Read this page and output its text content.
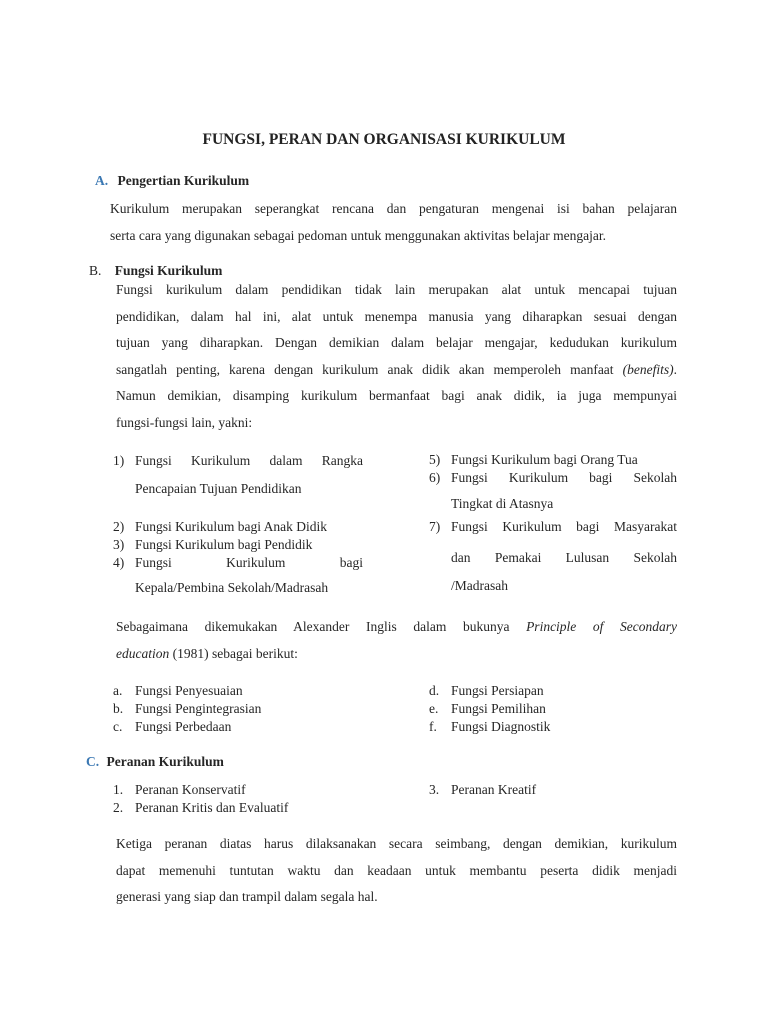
FUNGSI, PERAN DAN ORGANISASI KURIKULUM
A. Pengertian Kurikulum

Kurikulum merupakan seperangkat rencana dan pengaturan mengenai isi bahan pelajaran

serta cara yang digunakan sebagai pedoman untuk menggunakan aktivitas belajar mengajar.

B. Fungsi Kurikulum

Fungsi kurikulum dalam pendidikan tidak lain merupakan alat untuk mencapai tujuan

pendidikan, dalam hal ini, alat untuk menempa manusia yang diharapkan sesuai dengan

tujuan yang diharapkan. Dengan demikian dalam belajar mengajar, kedudukan kurikulum

sangatlah penting, karena dengan kurikulum anak didik akan memperoleh manfaat (benefits).

Namun demikian, disamping kurikulum bermanfaat bagi anak didik, ia juga mempunyai

fungsi-fungsi lain, yakni:

1) Fungsi Kurikulum dalam Rangka
Pencapaian Tujuan Pendidikan
2) Fungsi Kurikulum bagi Anak Didik
3) Fungsi Kurikulum bagi Pendidik
4) Fungsi Kurikulum bagi
Kepala/Pembina Sekolah/Madrasah
5) Fungsi Kurikulum bagi Orang Tua
6) Fungsi Kurikulum bagi Sekolah
Tingkat di Atasnya
7) Fungsi Kurikulum bagi Masyarakat
dan Pemakai Lulusan Sekolah
/Madrasah

Sebagaimana dikemukakan Alexander Inglis dalam bukunya Principle of Secondary

education (1981) sebagai berikut:

a. Fungsi Penyesuaian
b. Fungsi Pengintegrasian
c. Fungsi Perbedaan
d. Fungsi Persiapan
e. Fungsi Pemilihan
f.	Fungsi Diagnostik
C. Peranan Kurikulum
1. Peranan Konservatif
2. Peranan Kritis dan Evaluatif
3. Peranan Kreatif

Ketiga peranan diatas harus dilaksanakan secara seimbang, dengan demikian, kurikulum

dapat memenuhi tuntutan waktu dan keadaan untuk membantu peserta didik menjadi

generasi yang siap dan trampil dalam segala hal.
